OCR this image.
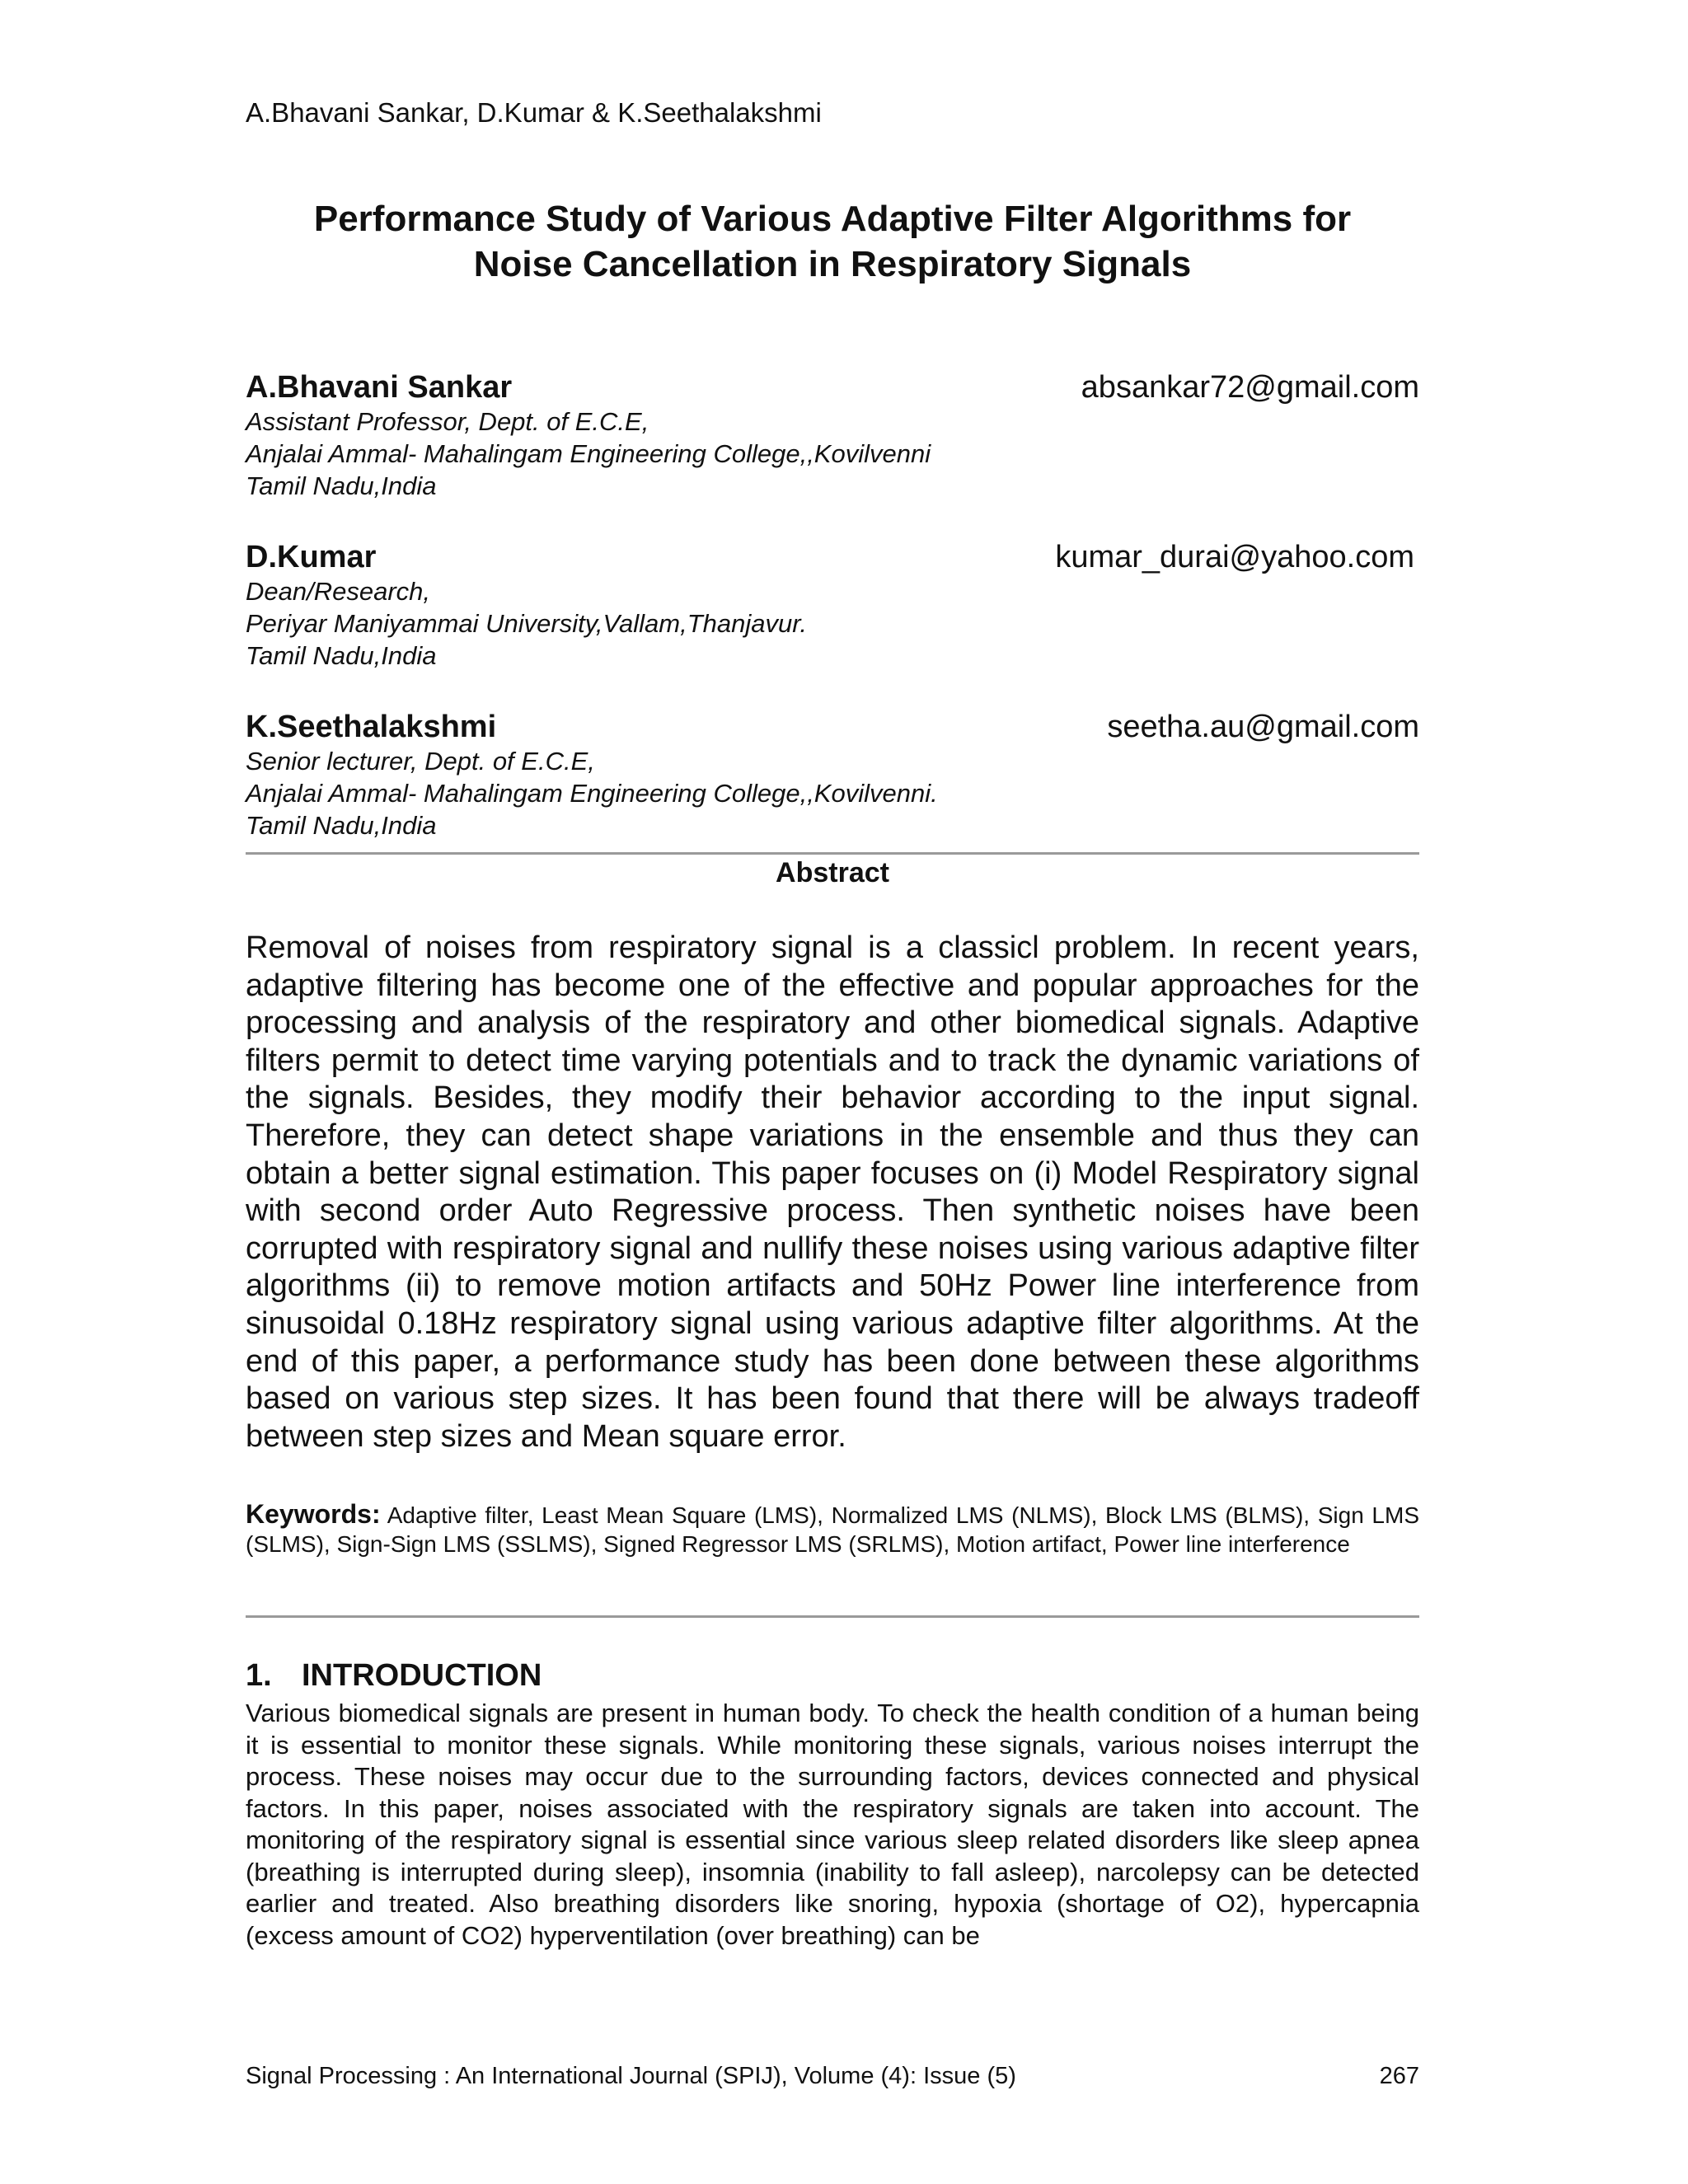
A.Bhavani Sankar, D.Kumar & K.Seethalakshmi
Performance Study of Various Adaptive Filter Algorithms for
Noise Cancellation in Respiratory Signals
A.Bhavani Sankar	absankar72@gmail.com
Assistant Professor, Dept. of E.C.E,
Anjalai Ammal- Mahalingam Engineering College,,Kovilvenni
Tamil Nadu,India
D.Kumar	kumar_durai@yahoo.com
Dean/Research,
Periyar Maniyammai University,Vallam,Thanjavur.
Tamil Nadu,India
K.Seethalakshmi	seetha.au@gmail.com
Senior lecturer, Dept. of E.C.E,
Anjalai Ammal- Mahalingam Engineering College,,Kovilvenni.
Tamil Nadu,India
Abstract
Removal of noises from respiratory signal is a classicl problem. In recent years, adaptive filtering has become one of the effective and popular approaches for the processing and analysis of the respiratory and other biomedical signals. Adaptive filters permit to detect time varying potentials and to track the dynamic variations of the signals. Besides, they modify their behavior according to the input signal. Therefore, they can detect shape variations in the ensemble and thus they can obtain a better signal estimation. This paper focuses on (i) Model Respiratory signal with second order Auto Regressive process. Then synthetic noises have been corrupted with respiratory signal and nullify these noises using various adaptive filter algorithms (ii) to remove motion artifacts and 50Hz Power line interference from sinusoidal 0.18Hz respiratory signal using various adaptive filter algorithms. At the end of this paper, a performance study has been done between these algorithms based on various step sizes. It has been found that there will be always tradeoff between step sizes and Mean square error.
Keywords: Adaptive filter, Least Mean Square (LMS), Normalized LMS (NLMS), Block LMS (BLMS), Sign LMS (SLMS), Sign-Sign LMS (SSLMS), Signed Regressor LMS (SRLMS), Motion artifact, Power line interference
1. INTRODUCTION
Various biomedical signals are present in human body. To check the health condition of a human being it is essential to monitor these signals. While monitoring these signals, various noises interrupt the process. These noises may occur due to the surrounding factors, devices connected and physical factors. In this paper, noises associated with the respiratory signals are taken into account. The monitoring of the respiratory signal is essential since various sleep related disorders like sleep apnea (breathing is interrupted during sleep), insomnia (inability to fall asleep), narcolepsy can be detected earlier and treated. Also breathing disorders like snoring, hypoxia (shortage of O2), hypercapnia (excess amount of CO2) hyperventilation (over breathing) can be
Signal Processing : An International Journal (SPIJ), Volume (4): Issue (5)	267
